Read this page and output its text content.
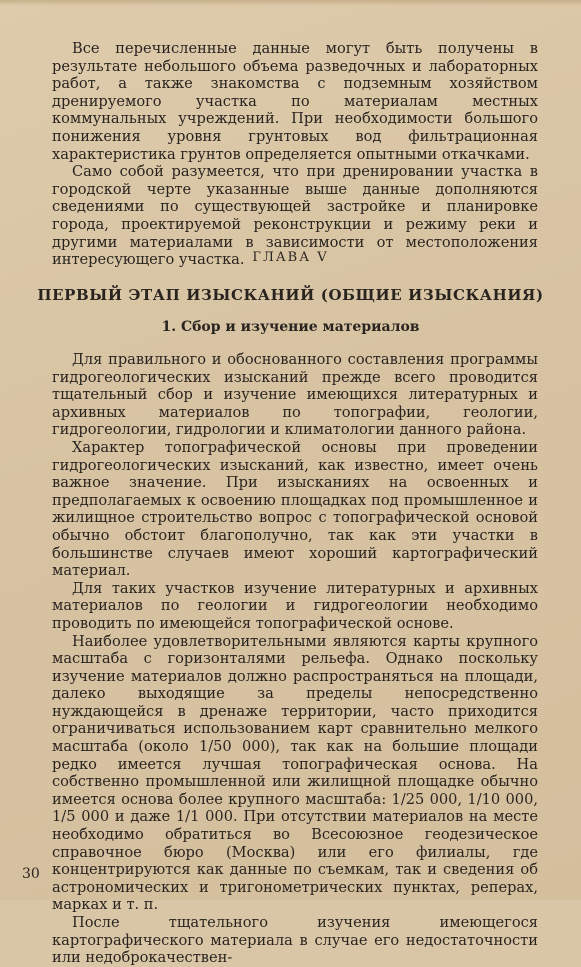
Все перечисленные данные могут быть получены в результате небольшого объема разведочных и лабораторных работ, а также знакомства с подземным хозяйством дренируемого участка по материалам местных коммунальных учреждений. При необходимости большого понижения уровня грунтовых вод фильтрационная характеристика грунтов определяется опытными откачками.

Само собой разумеется, что при дренировании участка в городской черте указанные выше данные дополняются сведениями по существующей застройке и планировке города, проектируемой реконструкции и режиму реки и другими материалами в зависимости от местоположения интересующего участка. ГЛАВА V
ПЕРВЫЙ ЭТАП ИЗЫСКАНИЙ (ОБЩИЕ ИЗЫСКАНИЯ)
1. Сбор и изучение материалов

Для правильного и обоснованного составления программы гидрогеологических изысканий прежде всего проводится тщательный сбор и изучение имеющихся литературных и архивных материалов по топографии, геологии, гидрогеологии, гидрологии и климатологии данного района.

Характер топографической основы при проведении гидрогеологических изысканий, как известно, имеет очень важное значение. При изысканиях на освоенных и предполагаемых к освоению площадках под промышленное и жилищное строительство вопрос с топографической основой обычно обстоит благополучно, так как эти участки в большинстве случаев имеют хороший картографический материал.

Для таких участков изучение литературных и архивных материалов по геологии и гидрогеологии необходимо проводить по имеющейся топографической основе.

Наиболее удовлетворительными являются карты крупного масштаба с горизонталями рельефа. Однако поскольку изучение материалов должно распространяться на площади, далеко выходящие за пределы непосредственно нуждающейся в дренаже территории, часто приходится ограничиваться использованием карт сравнительно мелкого масштаба (около 1/50 000), так как на большие площади редко имеется лучшая топографическая основа. На собственно промышленной или жилищной площадке обычно имеется основа более крупного масштаба: 1/25 000, 1/10 000, 1/5 000 и даже 1/1 000. При отсутствии материалов на месте необходимо обратиться во Всесоюзное геодезическое справочное бюро (Москва) или его филиалы, где концентрируются как данные по съемкам, так и сведения об астрономических и тригонометрических пунктах, реперах, марках и т. п.

После тщательного изучения имеющегося картографического материала в случае его недостаточности или недоброкачествен-

30
